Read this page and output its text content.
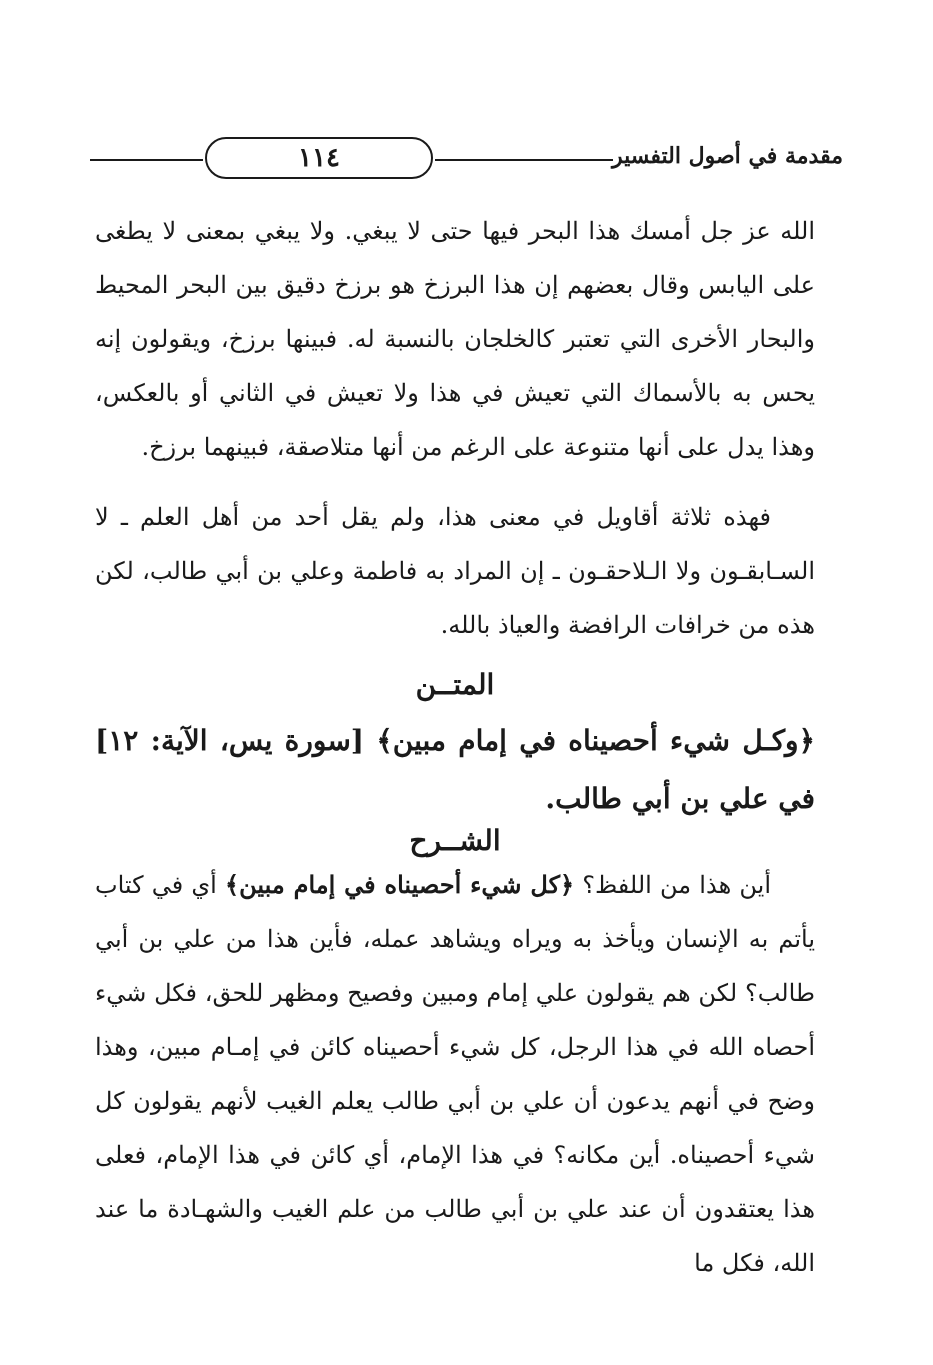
مقدمة في أصول التفسير
١١٤

الله عز جل أمسك هذا البحر فيها حتى لا يبغي. ولا يبغي بمعنى لا يطغى على اليابس وقال بعضهم إن هذا البرزخ هو برزخ دقيق بين البحر المحيط والبحار الأخرى التي تعتبر كالخلجان بالنسبة له. فبينها برزخ، ويقولون إنه يحس به بالأسماك التي تعيش في هذا ولا تعيش في الثاني أو بالعكس، وهذا يدل على أنها متنوعة على الرغم من أنها متلاصقة، فبينهما برزخ.

فهذه ثلاثة أقاويل في معنى هذا، ولم يقل أحد من أهل العلم ـ لا السـابقـون ولا الـلاحقـون ـ إن المراد به فاطمة وعلي بن أبي طالب، لكن هذه من خرافات الرافضة والعياذ بالله.

المتــن

﴿وكـل شيء أحصيناه في إمام مبين﴾ [سورة يس، الآية: ١٢] في علي بن أبي طالب.

الشــرح

أين هذا من اللفظ؟ ﴿كل شيء أحصيناه في إمام مبين﴾ أي في كتاب يأتم به الإنسان ويأخذ به ويراه ويشاهد عمله، فأين هذا من علي بن أبي طالب؟ لكن هم يقولون علي إمام ومبين وفصيح ومظهر للحق، فكل شيء أحصاه الله في هذا الرجل، كل شيء أحصيناه كائن في إمـام مبين، وهذا وضح في أنهم يدعون أن علي بن أبي طالب يعلم الغيب لأنهم يقولون كل شيء أحصيناه. أين مكانه؟ في هذا الإمام، أي كائن في هذا الإمام، فعلى هذا يعتقدون أن عند علي بن أبي طالب من علم الغيب والشهـادة ما عند الله، فكل ما
